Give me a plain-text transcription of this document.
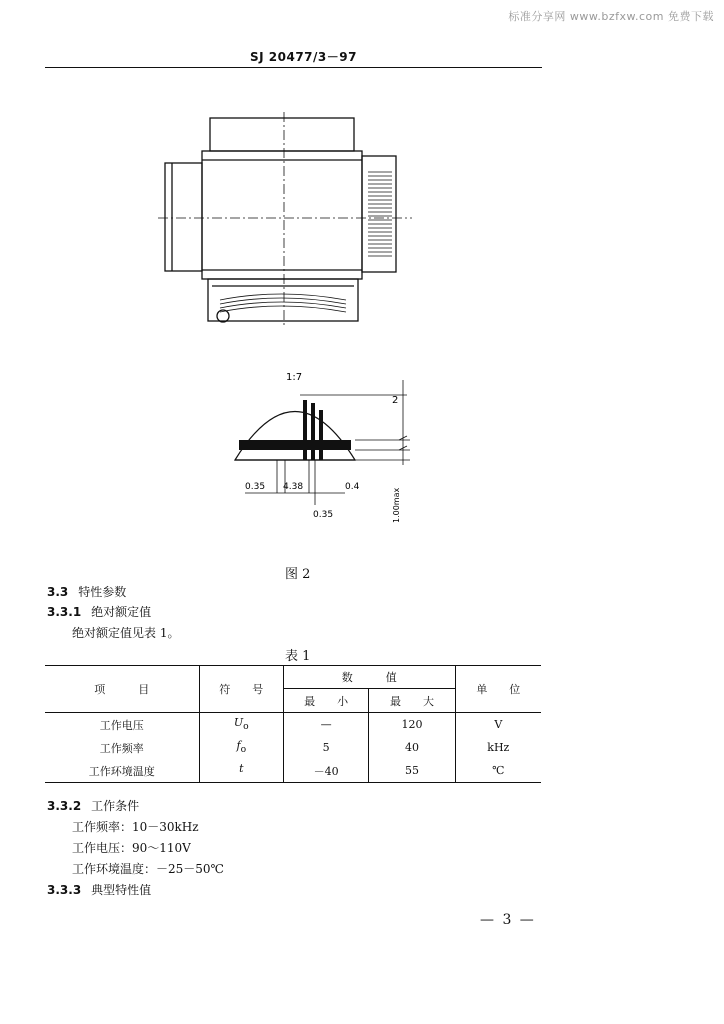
标准分享网 www.bzfxw.com 免费下载
SJ 20477/3－97
1:7
2
0.35 4.38	0.4
0.35	1.00max
图 2
3.3 特性参数
3.3.1 绝对额定值
绝对额定值见表 1。
表 1
项　　　目	符　　号	数　　　值		单　　位
		最　　小	最　　大	
工作电压	$U_o$	—	120	V
工作频率	$f_o$	5	40	kHz
工作环境温度	t	－40	55	℃
3.3.2 工作条件
工作频率：10－30kHz
工作电压：90～110V
工作环境温度：－25－50℃
3.3.3 典型特性值
— 3 —
